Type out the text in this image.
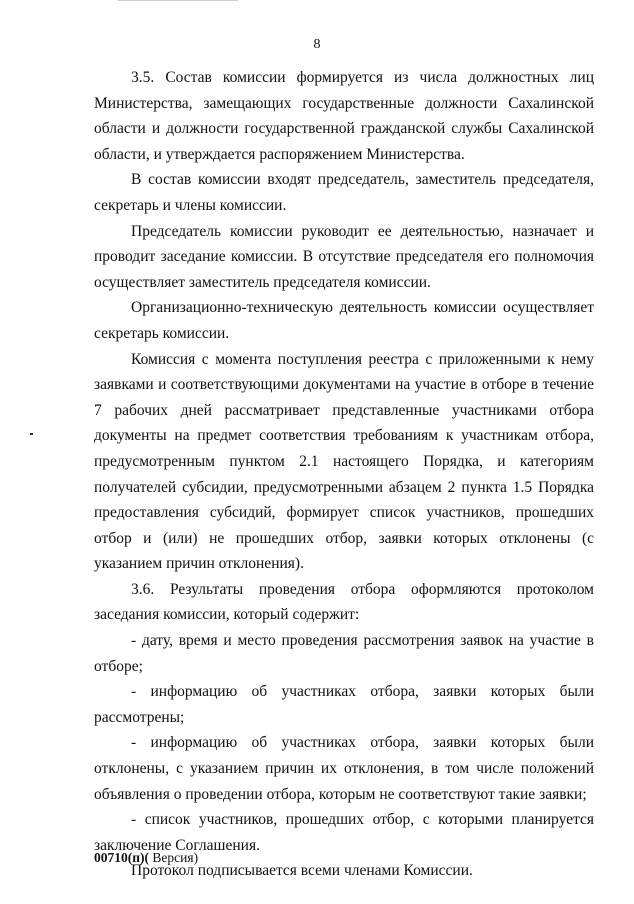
8

3.5. Состав комиссии формируется из числа должностных лиц Министерства, замещающих государственные должности Сахалинской области и должности государственной гражданской службы Сахалинской области, и утверждается распоряжением Министерства.

В состав комиссии входят председатель, заместитель председателя, секретарь и члены комиссии.

Председатель комиссии руководит ее деятельностью, назначает и проводит заседание комиссии. В отсутствие председателя его полномочия осуществляет заместитель председателя комиссии.

Организационно-техническую деятельность комиссии осуществляет секретарь комиссии.

Комиссия с момента поступления реестра с приложенными к нему заявками и соответствующими документами на участие в отборе в течение 7 рабочих дней рассматривает представленные участниками отбора документы на предмет соответствия требованиям к участникам отбора, предусмотренным пунктом 2.1 настоящего Порядка, и категориям получателей субсидии, предусмотренными абзацем 2 пункта 1.5 Порядка предоставления субсидий, формирует список участников, прошедших отбор и (или) не прошедших отбор, заявки которых отклонены (с указанием причин отклонения).

3.6. Результаты проведения отбора оформляются протоколом заседания комиссии, который содержит:

- дату, время и место проведения рассмотрения заявок на участие в отборе;

- информацию об участниках отбора, заявки которых были рассмотрены;

- информацию об участниках отбора, заявки которых были отклонены, с указанием причин их отклонения, в том числе положений объявления о проведении отбора, которым не соответствуют такие заявки;

- список участников, прошедших отбор, с которыми планируется заключение Соглашения.

Протокол подписывается всеми членами Комиссии.

00710(п)( Версия)
